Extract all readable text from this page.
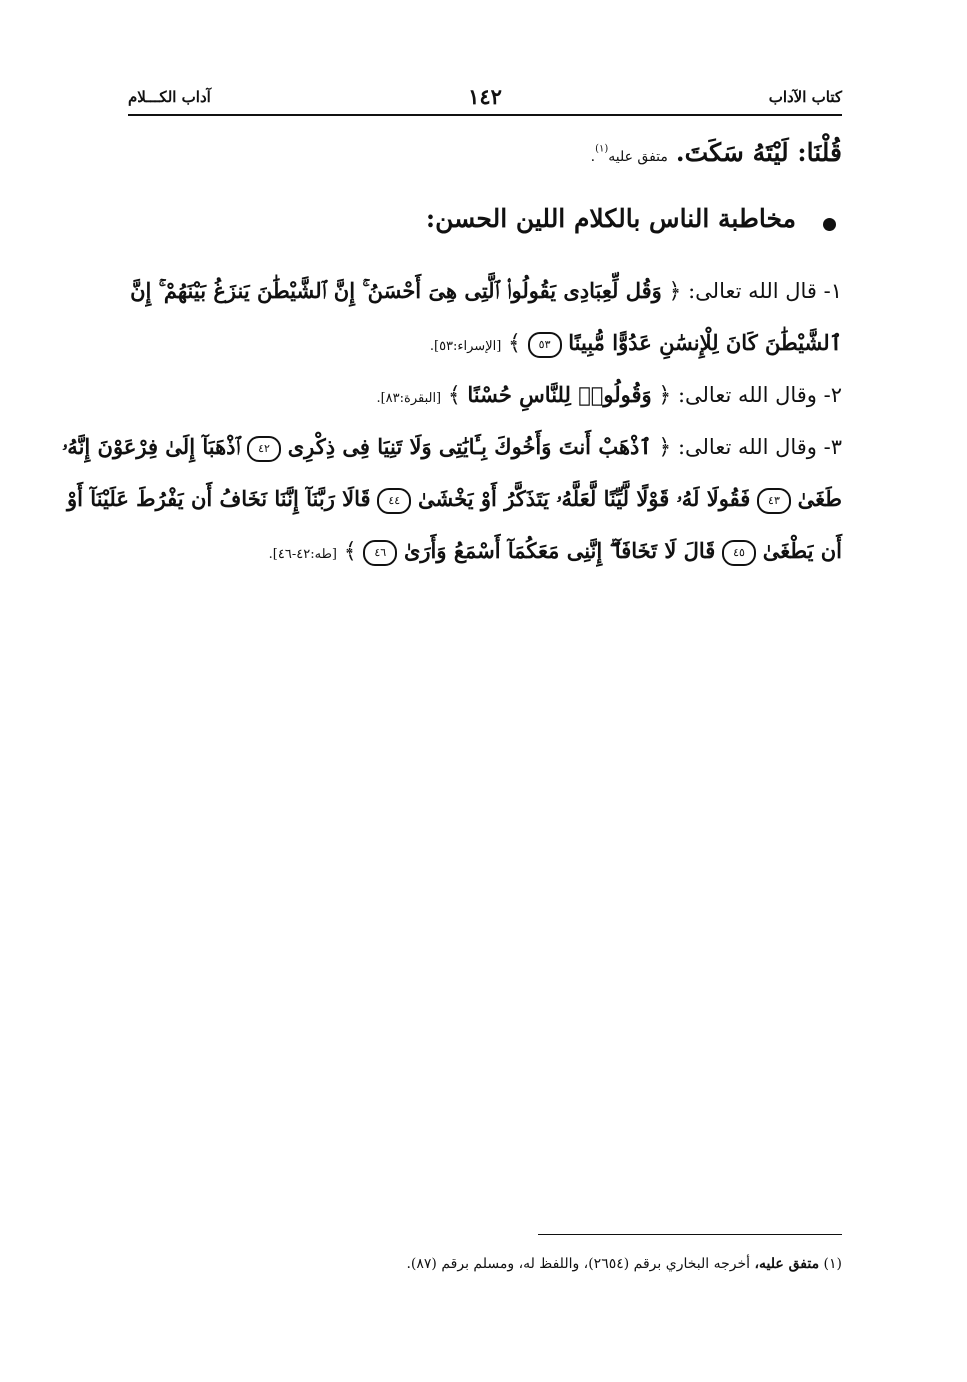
كتاب الآداب
١٤٢
آداب الكـــلام
قُلْنَا: لَيْتَهُ سَكَتَ. متفق عليه$^{(١)}$.
مخاطبة الناس بالكلام اللين الحسن:
١- قال الله تعالى: ﴿ وَقُل لِّعِبَادِى يَقُولُوا۟ ٱلَّتِى هِىَ أَحْسَنُ ۚ إِنَّ ٱلشَّيْطَٰنَ يَنزَغُ بَيْنَهُمْ ۚ إِنَّ
ٱلشَّيْطَٰنَ كَانَ لِلْإِنسَٰنِ عَدُوًّا مُّبِينًا ٥٣ ﴾ [الإسراء:٥٣].
٢- وقال الله تعالى: ﴿ وَقُولُوا۟ لِلنَّاسِ حُسْنًا ﴾ [البقرة:٨٣].
٣- وقال الله تعالى: ﴿ ٱذْهَبْ أَنتَ وَأَخُوكَ بِـَٔايَٰتِى وَلَا تَنِيَا فِى ذِكْرِى ٤٢ ٱذْهَبَآ إِلَىٰ فِرْعَوْنَ إِنَّهُۥ
طَغَىٰ ٤٣ فَقُولَا لَهُۥ قَوْلًا لَّيِّنًا لَّعَلَّهُۥ يَتَذَكَّرُ أَوْ يَخْشَىٰ ٤٤ قَالَا رَبَّنَآ إِنَّنَا نَخَافُ أَن يَفْرُطَ عَلَيْنَآ أَوْ
أَن يَطْغَىٰ ٤٥ قَالَ لَا تَخَافَآ ۖ إِنَّنِى مَعَكُمَآ أَسْمَعُ وَأَرَىٰ ٤٦ ﴾ [طه:٤٢-٤٦].
(١) متفق عليه، أخرجه البخاري برقم (٢٦٥٤)، واللفظ له، ومسلم برقم (٨٧).
